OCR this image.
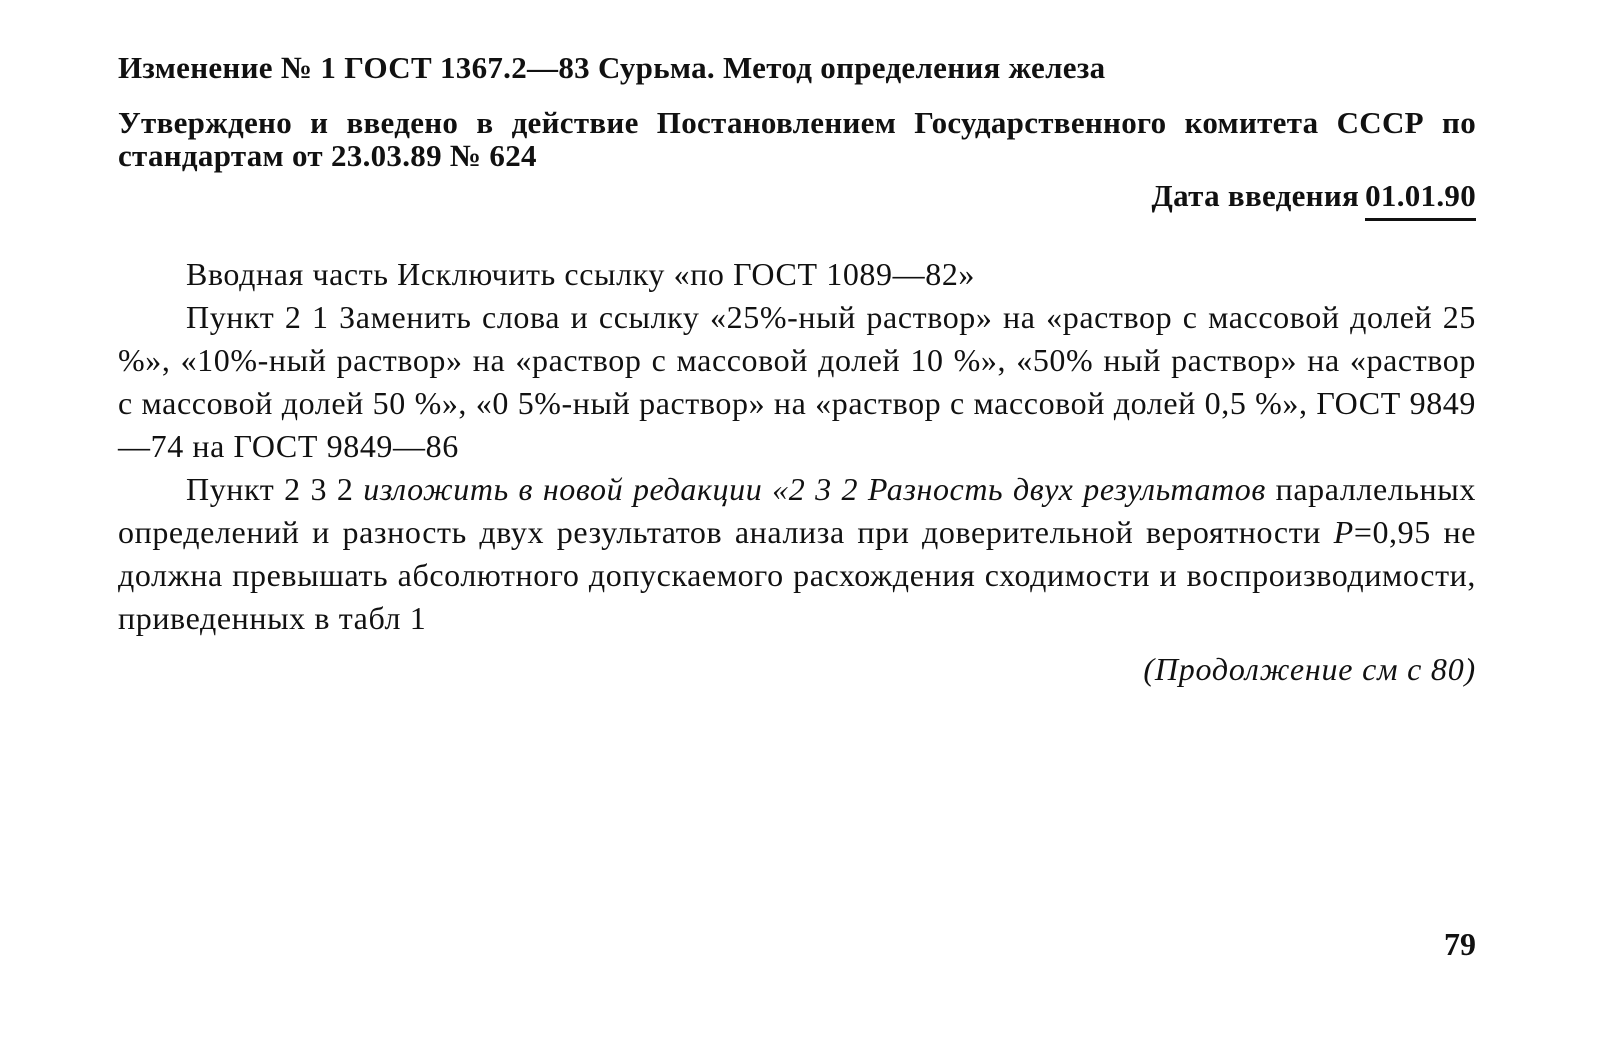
Изменение № 1 ГОСТ 1367.2—83 Сурьма. Метод определения железа
Утверждено и введено в действие Постановлением Государственного комитета СССР по стандартам от 23.03.89 № 624
Дата введения 01.01.90

Вводная часть Исключить ссылку «по ГОСТ 1089—82»

Пункт 2 1 Заменить слова и ссылку «25%-ный раствор» на «раствор с массовой долей 25 %», «10%-ный раствор» на «раствор с массовой долей 10 %», «50% ный раствор» на «раствор с массовой долей 50 %», «0 5%-ный раствор» на «раствор с массовой долей 0,5 %», ГОСТ 9849—74 на ГОСТ 9849—86

Пункт 2 3 2 изложить в новой редакции «2 3 2 Разность двух результатов параллельных определений и разность двух результатов анализа при доверительной вероятности P=0,95 не должна превышать абсолютного допускаемого расхождения сходимости и воспроизводимости, приведенных в табл 1

(Продолжение см с 80)
79
